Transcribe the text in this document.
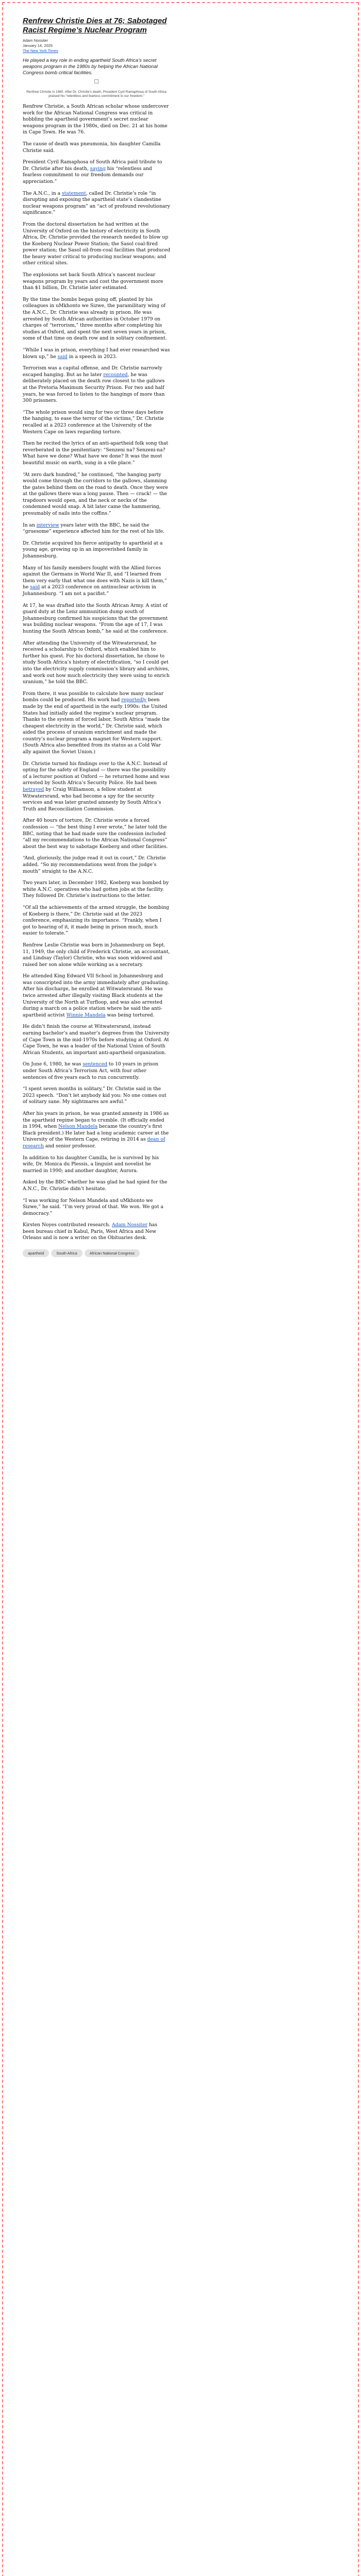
Renfrew Christie Dies at 76; Sabotaged Racist Regime’s Nuclear Program
Adam Nossiter
January 14, 2025
The New York Times
He played a key role in ending apartheid South Africa’s secret weapons program in the 1980s by helping the African National Congress bomb critical facilities.
Renfrew Christie in 1980. After Dr. Christie’s death, President Cyril Ramaphosa of South Africa praised his “relentless and fearless commitment to our freedom.”

Renfrew Christie, a South African scholar whose undercover work for the African National Congress was critical in hobbling the apartheid government’s secret nuclear weapons program in the 1980s, died on Dec. 21 at his home in Cape Town. He was 76.

The cause of death was pneumonia, his daughter Camilla Christie said.

President Cyril Ramaphosa of South Africa paid tribute to Dr. Christie after his death, saying his “relentless and fearless commitment to our freedom demands our appreciation.”

The A.N.C., in a statement, called Dr. Christie’s role “in disrupting and exposing the apartheid state’s clandestine nuclear weapons program” an “act of profound revolutionary significance.”

From the doctoral dissertation he had written at the University of Oxford on the history of electricity in South Africa, Dr. Christie provided the research needed to blow up the Koeberg Nuclear Power Station; the Sasol coal-fired power station; the Sasol oil-from-coal facilities that produced the heavy water critical to producing nuclear weapons; and other critical sites.

The explosions set back South Africa’s nascent nuclear weapons program by years and cost the government more than $1 billion, Dr. Christie later estimated.

By the time the bombs began going off, planted by his colleagues in uMkhonto we Sizwe, the paramilitary wing of the A.N.C., Dr. Christie was already in prison. He was arrested by South African authorities in October 1979 on charges of “terrorism,” three months after completing his studies at Oxford, and spent the next seven years in prison, some of that time on death row and in solitary confinement.

“While I was in prison, everything I had ever researched was blown up,” he said in a speech in 2023.

Terrorism was a capital offense, and Dr. Christie narrowly escaped hanging. But as he later recounted, he was deliberately placed on the death row closest to the gallows at the Pretoria Maximum Security Prison. For two and half years, he was forced to listen to the hangings of more than 300 prisoners.

“The whole prison would sing for two or three days before the hanging, to ease the terror of the victims,” Dr. Christie recalled at a 2023 conference at the University of the Western Cape on laws regarding torture.

Then he recited the lyrics of an anti-apartheid folk song that reverberated in the penitentiary: “Senzeni na? Senzeni-na? What have we done? What have we done? It was the most beautiful music on earth, sung in a vile place.”

“At zero dark hundred,” he continued, “the hanging party would come through the corridors to the gallows, slamming the gates behind them on the road to death. Once they were at the gallows there was a long pause. Then — crack! — the trapdoors would open, and the neck or necks of the condemned would snap. A bit later came the hammering, presumably of nails into the coffins.”

In an interview years later with the BBC, he said the “gruesome” experience affected him for the rest of his life.

Dr. Christie acquired his fierce antipathy to apartheid at a young age, growing up in an impoverished family in Johannesburg.

Many of his family members fought with the Allied forces against the Germans in World War II, and “I learned from them very early that what one does with Nazis is kill them,” he said at a 2023 conference on antinuclear activism in Johannesburg. “I am not a pacifist.”

At 17, he was drafted into the South African Army. A stint of guard duty at the Lenz ammunition dump south of Johannesburg confirmed his suspicions that the government was building nuclear weapons. “From the age of 17, I was hunting the South African bomb,” he said at the conference.

After attending the University of the Witwatersrand, he received a scholarship to Oxford, which enabled him to further his quest. For his doctoral dissertation, he chose to study South Africa’s history of electrification, “so I could get into the electricity supply commission’s library and archives, and work out how much electricity they were using to enrich uranium,” he told the BBC.

From there, it was possible to calculate how many nuclear bombs could be produced. His work had reportedly been made by the end of apartheid in the early 1990s: the United States had initially aided the regime’s nuclear program. Thanks to the system of forced labor, South Africa “made the cheapest electricity in the world,” Dr. Christie said, which aided the process of uranium enrichment and made the country’s nuclear program a magnet for Western support. (South Africa also benefited from its status as a Cold War ally against the Soviet Union.)

Dr. Christie turned his findings over to the A.N.C. Instead of opting for the safety of England — there was the possibility of a lecturer position at Oxford — he returned home and was arrested by South Africa’s Security Police. He had been betrayed by Craig Williamson, a fellow student at Witwatersrand, who had become a spy for the security services and was later granted amnesty by South Africa’s Truth and Reconciliation Commission.

After 40 hours of torture, Dr. Christie wrote a forced confession — “the best thing I ever wrote,” he later told the BBC, noting that he had made sure the confession included “all my recommendations to the African National Congress” about the best way to sabotage Koeberg and other facilities.

“And, gloriously, the judge read it out in court,” Dr. Christie added. “So my recommendations went from the judge’s mouth” straight to the A.N.C.

Two years later, in December 1982, Koeberg was bombed by white A.N.C. operatives who had gotten jobs at the facility. They followed Dr. Christie’s instructions to the letter.

“Of all the achievements of the armed struggle, the bombing of Koeberg is there,” Dr. Christie said at the 2023 conference, emphasizing its importance. “Frankly, when I got to hearing of it, it made being in prison much, much easier to tolerate.”

Renfrew Leslie Christie was born in Johannesburg on Sept. 11, 1949, the only child of Frederick Christie, an accountant, and Lindsay (Taylor) Christie, who was soon widowed and raised her son alone while working as a secretary.

He attended King Edward VII School in Johannesburg and was conscripted into the army immediately after graduating. After his discharge, he enrolled at Witwatersrand. He was twice arrested after illegally visiting Black students at the University of the North at Turfloop, and was also arrested during a march on a police station where he said the anti-apartheid activist Winnie Mandela was being tortured.

He didn’t finish the course at Witwatersrand, instead earning bachelor’s and master’s degrees from the University of Cape Town in the mid-1970s before studying at Oxford. At Cape Town, he was a leader of the National Union of South African Students, an important anti-apartheid organization.

On June 6, 1980, he was sentenced to 10 years in prison under South Africa’s Terrorism Act, with four other sentences of five years each to run concurrently.

“I spent seven months in solitary,” Dr. Christie said in the 2023 speech. “Don’t let anybody kid you: No one comes out of solitary sane. My nightmares are awful.”

After his years in prison, he was granted amnesty in 1986 as the apartheid regime began to crumble. (It officially ended in 1994, when Nelson Mandela became the country’s first Black president.) He later had a long academic career at the University of the Western Cape, retiring in 2014 as dean of research and senior professor.

In addition to his daughter Camilla, he is survived by his wife, Dr. Monica du Plessis, a linguist and novelist he married in 1990; and another daughter, Aurora.

Asked by the BBC whether he was glad he had spied for the A.N.C., Dr. Christie didn’t hesitate.

“I was working for Nelson Mandela and uMkhonto we Sizwe,” he said. “I’m very proud of that. We won. We got a democracy.”

Kirsten Noyes contributed research. Adam Nossiter has been bureau chief in Kabul, Paris, West Africa and New Orleans and is now a writer on the Obituaries desk.

apartheid	South Africa	African National Congress
